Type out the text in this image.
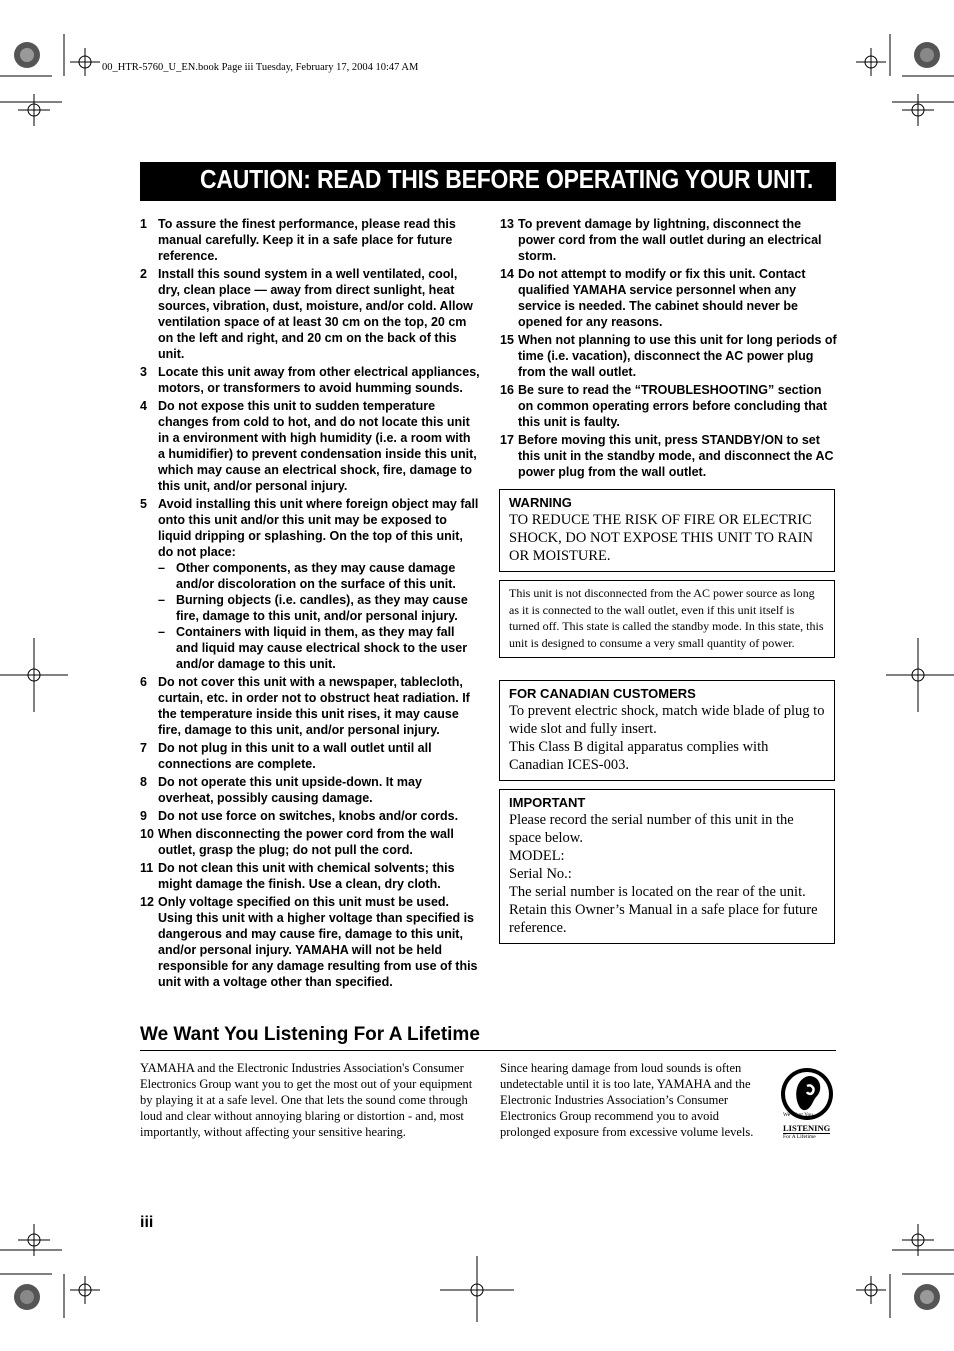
00_HTR-5760_U_EN.book Page iii Tuesday, February 17, 2004 10:47 AM
CAUTION: READ THIS BEFORE OPERATING YOUR UNIT.
1 To assure the finest performance, please read this manual carefully. Keep it in a safe place for future reference.
2 Install this sound system in a well ventilated, cool, dry, clean place — away from direct sunlight, heat sources, vibration, dust, moisture, and/or cold. Allow ventilation space of at least 30 cm on the top, 20 cm on the left and right, and 20 cm on the back of this unit.
3 Locate this unit away from other electrical appliances, motors, or transformers to avoid humming sounds.
4 Do not expose this unit to sudden temperature changes from cold to hot, and do not locate this unit in a environment with high humidity (i.e. a room with a humidifier) to prevent condensation inside this unit, which may cause an electrical shock, fire, damage to this unit, and/or personal injury.
5 Avoid installing this unit where foreign object may fall onto this unit and/or this unit may be exposed to liquid dripping or splashing. On the top of this unit, do not place:
– Other components, as they may cause damage and/or discoloration on the surface of this unit.
– Burning objects (i.e. candles), as they may cause fire, damage to this unit, and/or personal injury.
– Containers with liquid in them, as they may fall and liquid may cause electrical shock to the user and/or damage to this unit.
6 Do not cover this unit with a newspaper, tablecloth, curtain, etc. in order not to obstruct heat radiation. If the temperature inside this unit rises, it may cause fire, damage to this unit, and/or personal injury.
7 Do not plug in this unit to a wall outlet until all connections are complete.
8 Do not operate this unit upside-down. It may overheat, possibly causing damage.
9 Do not use force on switches, knobs and/or cords.
10 When disconnecting the power cord from the wall outlet, grasp the plug; do not pull the cord.
11 Do not clean this unit with chemical solvents; this might damage the finish. Use a clean, dry cloth.
12 Only voltage specified on this unit must be used. Using this unit with a higher voltage than specified is dangerous and may cause fire, damage to this unit, and/or personal injury. YAMAHA will not be held responsible for any damage resulting from use of this unit with a voltage other than specified.
13 To prevent damage by lightning, disconnect the power cord from the wall outlet during an electrical storm.
14 Do not attempt to modify or fix this unit. Contact qualified YAMAHA service personnel when any service is needed. The cabinet should never be opened for any reasons.
15 When not planning to use this unit for long periods of time (i.e. vacation), disconnect the AC power plug from the wall outlet.
16 Be sure to read the “TROUBLESHOOTING” section on common operating errors before concluding that this unit is faulty.
17 Before moving this unit, press STANDBY/ON to set this unit in the standby mode, and disconnect the AC power plug from the wall outlet.
WARNING
TO REDUCE THE RISK OF FIRE OR ELECTRIC SHOCK, DO NOT EXPOSE THIS UNIT TO RAIN OR MOISTURE.
This unit is not disconnected from the AC power source as long as it is connected to the wall outlet, even if this unit itself is turned off. This state is called the standby mode. In this state, this unit is designed to consume a very small quantity of power.
FOR CANADIAN CUSTOMERS
To prevent electric shock, match wide blade of plug to wide slot and fully insert.
This Class B digital apparatus complies with Canadian ICES-003.
IMPORTANT
Please record the serial number of this unit in the space below.
MODEL:
Serial No.:
The serial number is located on the rear of the unit. Retain this Owner’s Manual in a safe place for future reference.
We Want You Listening For A Lifetime
YAMAHA and the Electronic Industries Association's Consumer Electronics Group want you to get the most out of your equipment by playing it at a safe level. One that lets the sound come through loud and clear without annoying blaring or distortion - and, most importantly, without affecting your sensitive hearing.
Since hearing damage from loud sounds is often undetectable until it is too late, YAMAHA and the Electronic Industries Association’s Consumer Electronics Group recommend you to avoid prolonged exposure from excessive volume levels.
We Want You
LISTENING
For A Lifetime
iii
